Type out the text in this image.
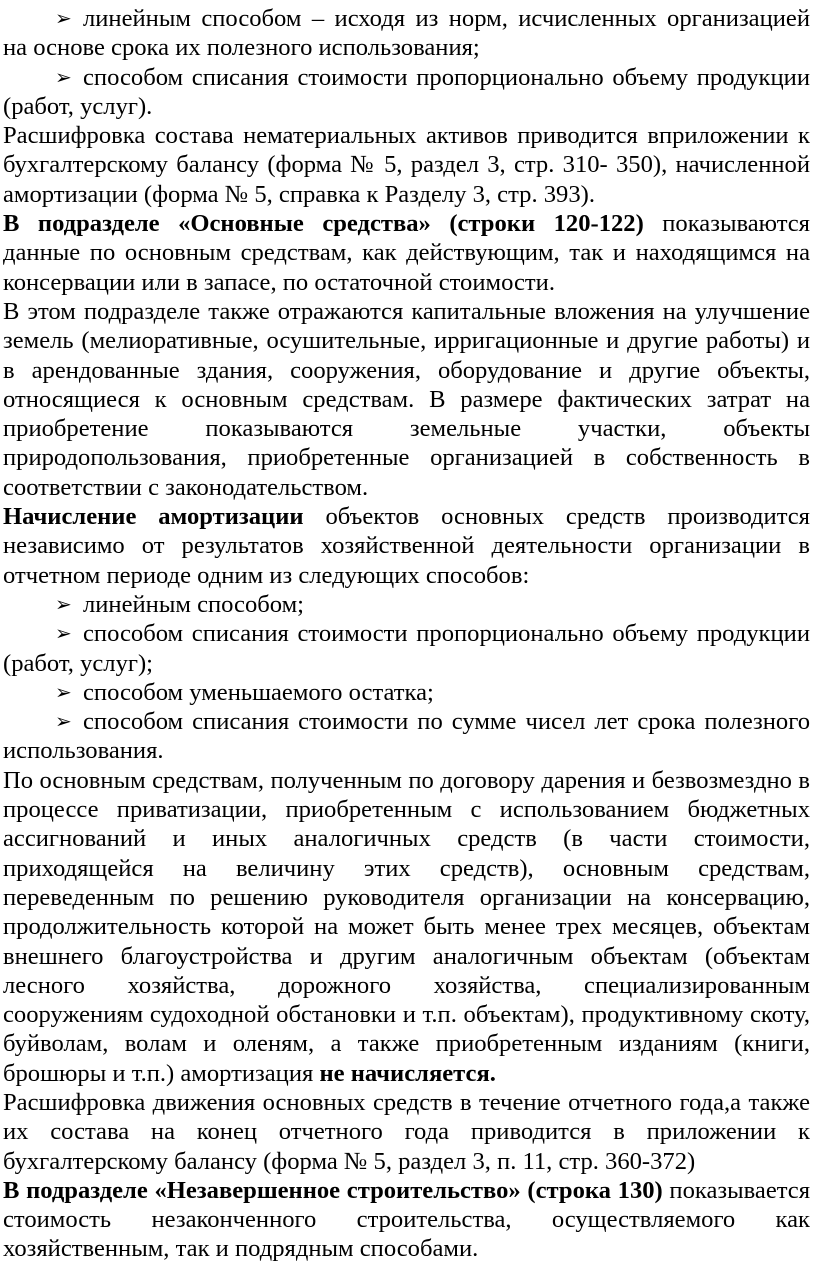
➢линейным способом – исходя из норм, исчисленных организацией на основе срока их полезного использования;

➢способом списания стоимости пропорционально объему продукции (работ, услуг).

Расшифровка состава нематериальных активов приводится вприложении к бухгалтерскому балансу (форма № 5, раздел 3, стр. 310- 350), начисленной амортизации (форма № 5, справка к Разделу 3, стр. 393).

В подразделе «Основные средства» (строки 120-122) показываются данные по основным средствам, как действующим, так и находящимся на консервации или в запасе, по остаточной стоимости.

В этом подразделе также отражаются капитальные вложения на улучшение земель (мелиоративные, осушительные, ирригационные и другие работы) и в арендованные здания, сооружения, оборудование и другие объекты, относящиеся к основным средствам. В размере фактических затрат на приобретение показываются земельные участки, объекты природопользования, приобретенные организацией в собственность в соответствии с законодательством.

Начисление амортизации объектов основных средств производится независимо от результатов хозяйственной деятельности организации в отчетном периоде одним из следующих способов:

➢линейным способом;

➢способом списания стоимости пропорционально объему продукции (работ, услуг);

➢способом уменьшаемого остатка;

➢способом списания стоимости по сумме чисел лет срока полезного использования.

По основным средствам, полученным по договору дарения и безвозмездно в процессе приватизации, приобретенным с использованием бюджетных ассигнований и иных аналогичных средств (в части стоимости, приходящейся на величину этих средств), основным средствам, переведенным по решению руководителя организации на консервацию, продолжительность которой на может быть менее трех месяцев, объектам внешнего благоустройства и другим аналогичным объектам (объектам лесного хозяйства, дорожного хозяйства, специализированным сооружениям судоходной обстановки и т.п. объектам), продуктивному скоту, буйволам, волам и оленям, а также приобретенным изданиям (книги, брошюры и т.п.) амортизация не начисляется.

Расшифровка движения основных средств в течение отчетного года,а также их состава на конец отчетного года приводится в приложении к бухгалтерскому балансу (форма № 5, раздел 3, п. 11, стр. 360-372)

В подразделе «Незавершенное строительство» (строка 130) показывается стоимость незаконченного строительства, осуществляемого как хозяйственным, так и подрядным способами.
